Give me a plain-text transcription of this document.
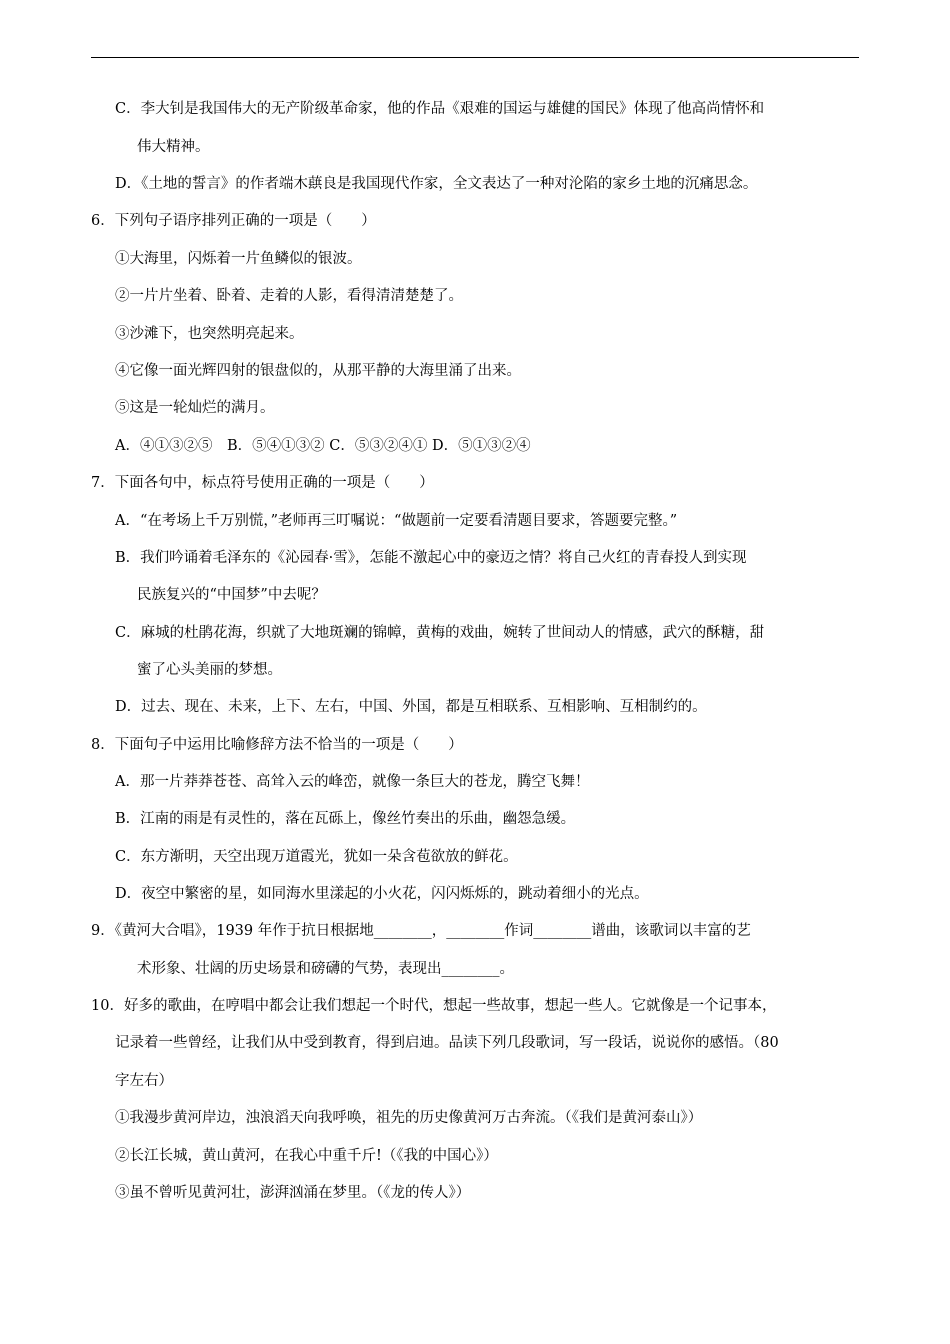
C．李大钊是我国伟大的无产阶级革命家，他的作品《艰难的国运与雄健的国民》体现了他高尚情怀和
伟大精神。
D．《土地的誓言》的作者端木蕻良是我国现代作家，全文表达了一种对沦陷的家乡土地的沉痛思念。
6．下列句子语序排列正确的一项是（　　）
①大海里，闪烁着一片鱼鳞似的银波。
②一片片坐着、卧着、走着的人影，看得清清楚楚了。
③沙滩下，也突然明亮起来。
④它像一面光辉四射的银盘似的，从那平静的大海里涌了出来。
⑤这是一轮灿烂的满月。
A．④①③②⑤　B．⑤④①③② C．⑤③②④① D．⑤①③②④
7．下面各句中，标点符号使用正确的一项是（　　）
A．“在考场上千万别慌，”老师再三叮嘱说：“做题前一定要看清题目要求，答题要完整。”
B．我们吟诵着毛泽东的《沁园春·雪》，怎能不激起心中的豪迈之情？将自己火红的青春投人到实现
民族复兴的“中国梦”中去呢？
C．麻城的杜鹃花海，织就了大地斑斓的锦幛，黄梅的戏曲，婉转了世间动人的情感，武穴的酥糖，甜
蜜了心头美丽的梦想。
D．过去、现在、未来，上下、左右，中国、外国，都是互相联系、互相影响、互相制约的。
8．下面句子中运用比喻修辞方法不恰当的一项是（　　）
A．那一片莽莽苍苍、高耸入云的峰峦，就像一条巨大的苍龙，腾空飞舞！
B．江南的雨是有灵性的，落在瓦砾上，像丝竹奏出的乐曲，幽怨急缓。
C．东方渐明，天空出现万道霞光，犹如一朵含苞欲放的鲜花。
D．夜空中繁密的星，如同海水里漾起的小火花，闪闪烁烁的，跳动着细小的光点。
9．《黄河大合唱》，1939 年作于抗日根据地________，________作词________谱曲，该歌词以丰富的艺
术形象、壮阔的历史场景和磅礴的气势，表现出________。
10．好多的歌曲，在哼唱中都会让我们想起一个时代，想起一些故事，想起一些人。它就像是一个记事本，
记录着一些曾经，让我们从中受到教育，得到启迪。品读下列几段歌词，写一段话，说说你的感悟。（80
字左右）
①我漫步黄河岸边，浊浪滔天向我呼唤，祖先的历史像黄河万古奔流。（《我们是黄河泰山》）
②长江长城，黄山黄河，在我心中重千斤!（《我的中国心》）
③虽不曾听见黄河壮，澎湃汹涌在梦里。（《龙的传人》）
